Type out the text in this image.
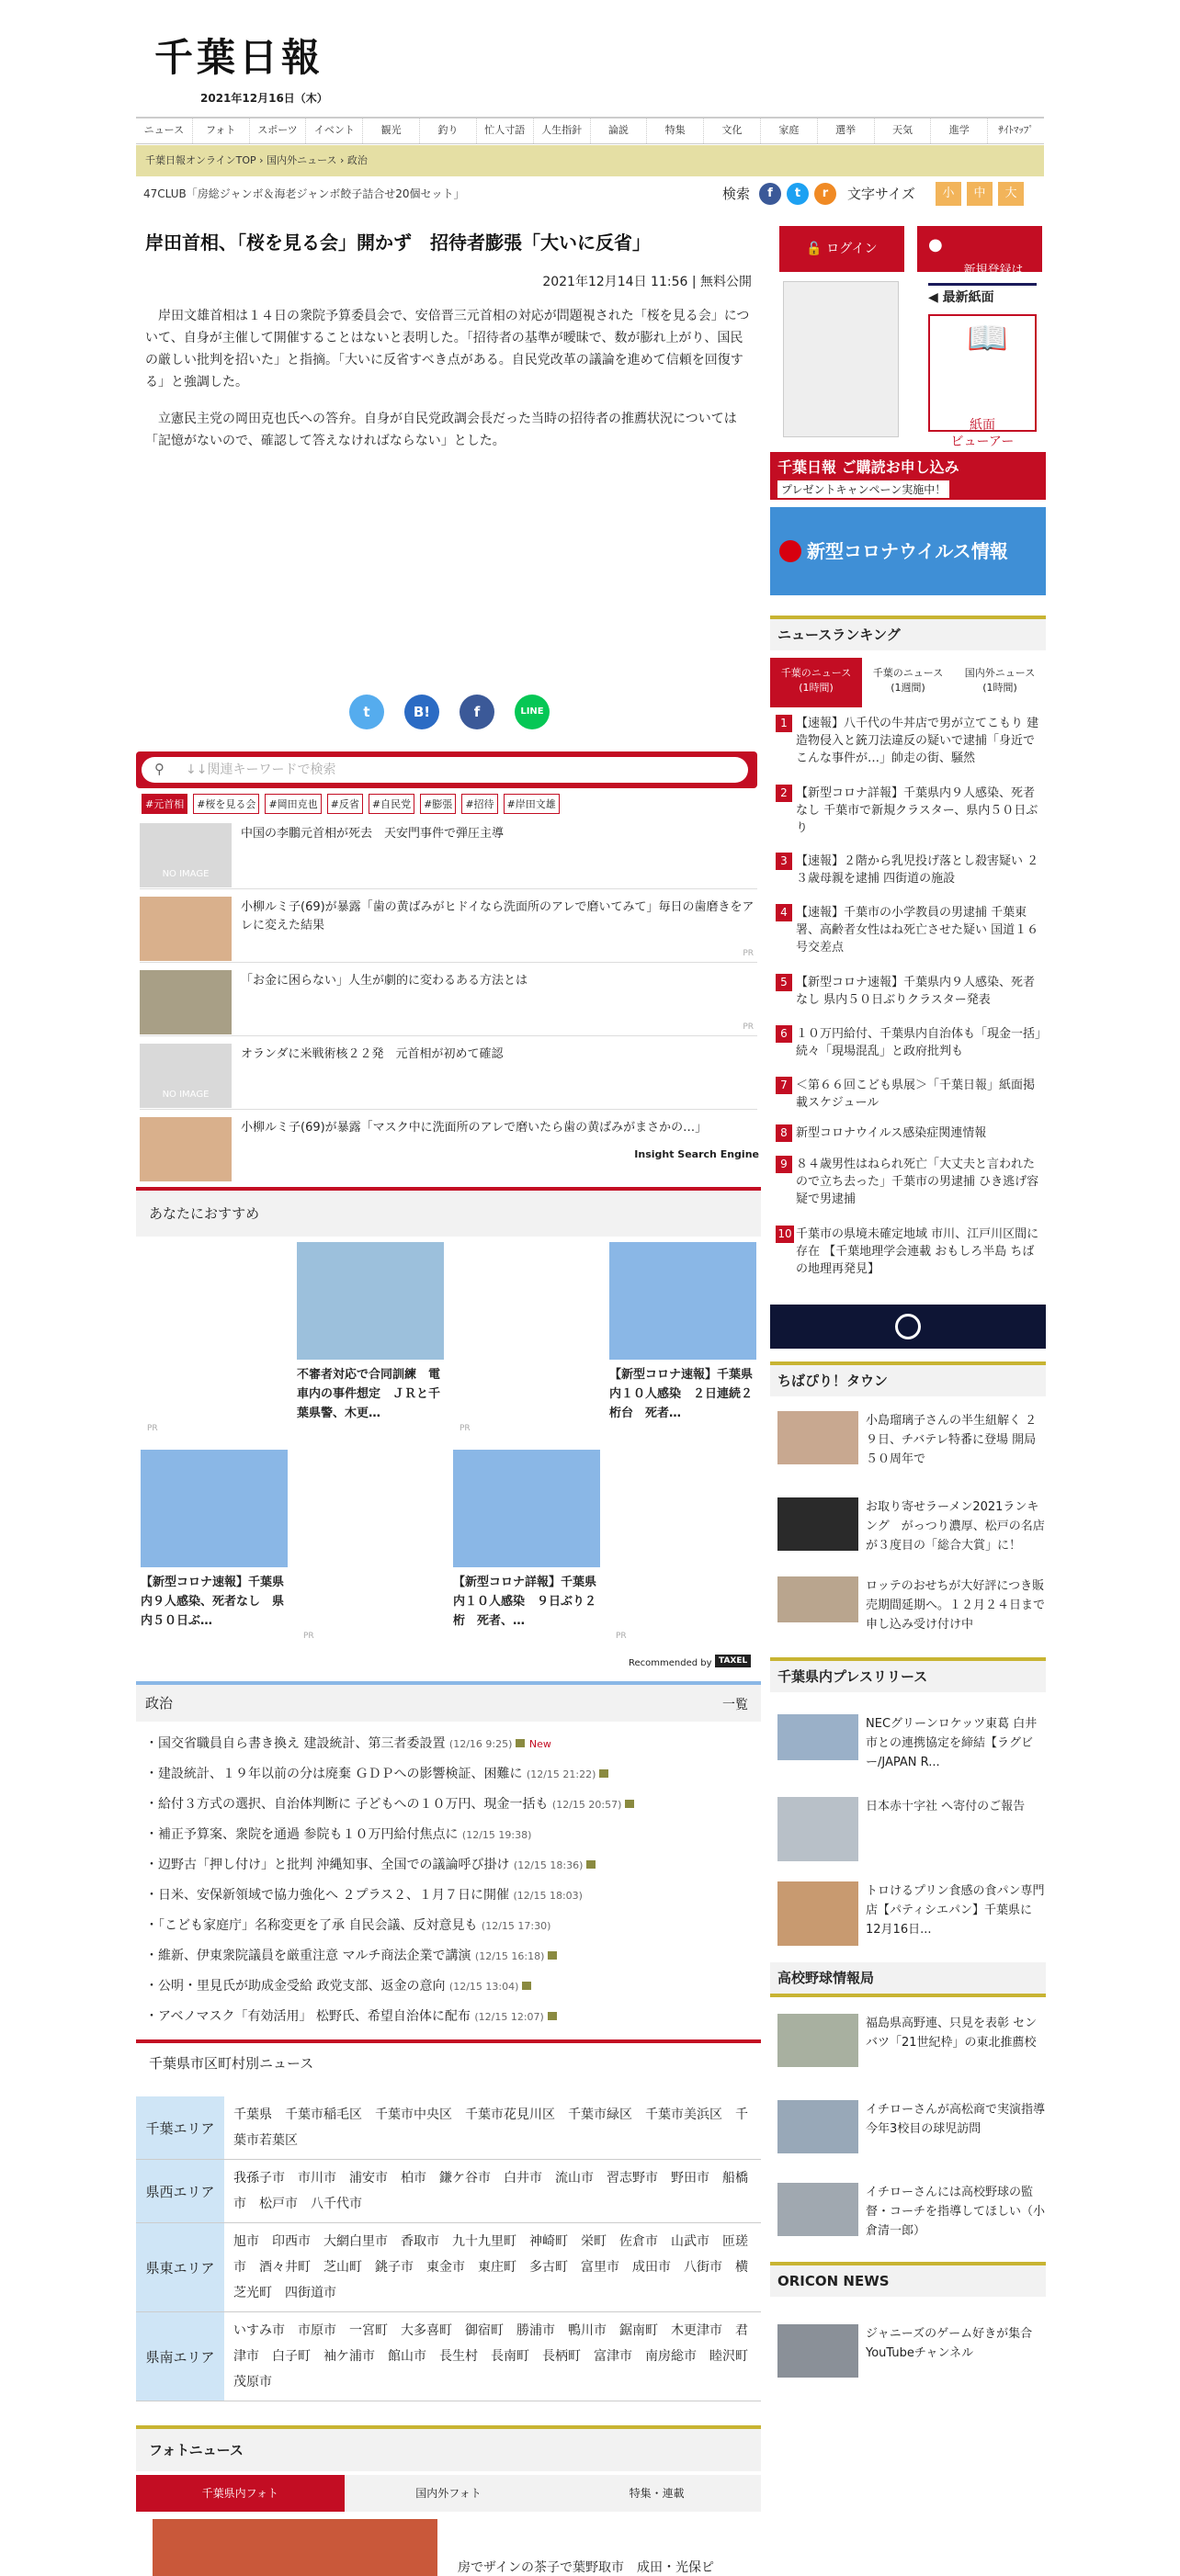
千葉日報
2021年12月16日（木）
ニュース	フォト	スポーツ	イベント	観光	釣り	忙人寸語	人生指針	論説	特集	文化	家庭	選挙	天気	進学	ｻｲﾄﾏｯﾌﾟ
千葉日報オンラインTOP › 国内外ニュース › 政治
47CLUB「房総ジャンボ＆海老ジャンボ餃子詰合せ20個セット」	検索	f	t	r	文字サイズ	小	中	大
岸田首相、「桜を見る会」開かず　招待者膨張「大いに反省」
2021年12月14日 11:56 | 無料公開

岸田文雄首相は１４日の衆院予算委員会で、安倍晋三元首相の対応が問題視された「桜を見る会」について、自身が主催して開催することはないと表明した。「招待者の基準が曖昧で、数が膨れ上がり、国民の厳しい批判を招いた」と指摘。「大いに反省すべき点がある。自民党改革の議論を進めて信頼を回復する」と強調した。

立憲民主党の岡田克也氏への答弁。自身が自民党政調会長だった当時の招待者の推薦状況については「記憶がないので、確認して答えなければならない」とした。

t	B!	f	LINE
↓↓関連キーワードで検索
⚲
#元首相	#桜を見る会	#岡田克也	#反省	#自民党	#膨張	#招待	#岸田文雄
NO IMAGE
中国の李鵬元首相が死去　天安門事件で弾圧主導
小柳ルミ子(69)が暴露「歯の黄ばみがヒドイなら洗面所のアレで磨いてみて」毎日の歯磨きをアレに変えた結果
PR
「お金に困らない」人生が劇的に変わるある方法とは
PR
NO IMAGE
オランダに米戦術核２２発　元首相が初めて確認
小柳ルミ子(69)が暴露「マスク中に洗面所のアレで磨いたら歯の黄ばみがまさかの…」
Insight Search Engine
あなたにおすすめ
不審者対応で合同訓練　電車内の事件想定　ＪＲと千葉県警、木更…
【新型コロナ速報】千葉県内１０人感染　２日連続２桁台　死者…
PR	PR
【新型コロナ速報】千葉県内９人感染、死者なし　県内５０日ぶ…
【新型コロナ詳報】千葉県内１０人感染　９日ぶり２桁　死者、…
PR	PR
Recommended by TAXEL
政治	一覧
・国交省職員自ら書き換え 建設統計、第三者委設置 (12/16 9:25) New
・建設統計、１９年以前の分は廃棄 ＧＤＰへの影響検証、困難に (12/15 21:22)
・給付３方式の選択、自治体判断に 子どもへの１０万円、現金一括も (12/15 20:57)
・補正予算案、衆院を通過 参院も１０万円給付焦点に (12/15 19:38)
・辺野古「押し付け」と批判 沖縄知事、全国での議論呼び掛け (12/15 18:36)
・日米、安保新領域で協力強化へ ２プラス２、１月７日に開催 (12/15 18:03)
・「こども家庭庁」名称変更を了承 自民会議、反対意見も (12/15 17:30)
・維新、伊東衆院議員を厳重注意 マルチ商法企業で講演 (12/15 16:18)
・公明・里見氏が助成金受給 政党支部、返金の意向 (12/15 13:04)
・アベノマスク「有効活用」 松野氏、希望自治体に配布 (12/15 12:07)
千葉県市区町村別ニュース
千葉エリア	千葉県　千葉市稲毛区　千葉市中央区　千葉市花見川区　千葉市緑区　千葉市美浜区　千葉市若葉区
県西エリア	我孫子市　市川市　浦安市　柏市　鎌ケ谷市　白井市　流山市　習志野市　野田市　船橋市　松戸市　八千代市
県東エリア	旭市　印西市　大網白里市　香取市　九十九里町　神崎町　栄町　佐倉市　山武市　匝瑳市　酒々井町　芝山町　銚子市　東金市　東庄町　多古町　富里市　成田市　八街市　横芝光町　四街道市
県南エリア	いすみ市　市原市　一宮町　大多喜町　御宿町　勝浦市　鴨川市　鋸南町　木更津市　君津市　白子町　袖ケ浦市　館山市　長生村　長南町　長柄町　富津市　南房総市　睦沢町　茂原市
フォトニュース
千葉県内フォト	国内外フォト	特集・連載
房でザインの茶子で葉野取市　成田・光保ピ
🔓 ログイン	●

新規登録は
こちら

◀ 最新紙面

📖

紙面
ビューアー

千葉日報 ご購読お申し込み
プレゼントキャンペーン実施中！
新型コロナウイルス情報
ニュースランキング
千葉のニュース
(1時間)
千葉のニュース
(1週間)
国内外ニュース
(1時間)
1 【速報】八千代の牛丼店で男が立てこもり 建造物侵入と銃刀法違反の疑いで逮捕「身近でこんな事件が…」帥走の街、騒然
2 【新型コロナ詳報】千葉県内９人感染、死者なし 千葉市で新規クラスター、県内５０日ぶり
3 【速報】２階から乳児投げ落とし殺害疑い ２３歳母親を逮捕 四街道の施設
4 【速報】千葉市の小学教員の男逮捕 千葉東署、高齢者女性はね死亡させた疑い 国道１６号交差点
5 【新型コロナ速報】千葉県内９人感染、死者なし 県内５０日ぶりクラスター発表
6 １０万円給付、千葉県内自治体も「現金一括」続々「現場混乱」と政府批判も
7 ＜第６６回こども県展＞「千葉日報」紙面掲載スケジュール
8 新型コロナウイルス感染症関連情報
9 ８４歳男性はねられ死亡「大丈夫と言われたので立ち去った」千葉市の男逮捕 ひき逃げ容疑で男逮捕
10 千葉市の県境未確定地域 市川、江戸川区間に存在 【千葉地理学会連載 おもしろ半島 ちばの地理再発見】
ちばぴり！タウン
小島瑠璃子さんの半生紐解く ２９日、チバテレ特番に登場 開局５０周年で
お取り寄せラーメン2021ランキング　がっつり濃厚、松戸の名店が３度目の「総合大賞」に！
ロッテのおせちが大好評につき販売期間延期へ。１２月２４日まで申し込み受け付け中
千葉県内プレスリリース
NECグリーンロケッツ東葛 白井市との連携協定を締結【ラグビー/JAPAN R...
日本赤十字社 へ寄付のご報告
トロけるプリン食感の食パン専門店【パティシエパン】千葉県に12月16日...
高校野球情報局
福島県高野連、只見を表彰 センバツ「21世紀枠」の東北推薦校
イチローさんが高松商で実演指導　今年3校目の球児訪問
イチローさんには高校野球の監督・コーチを指導してほしい（小倉清一郎）
ORICON NEWS
ジャニーズのゲーム好きが集合　YouTubeチャンネル
